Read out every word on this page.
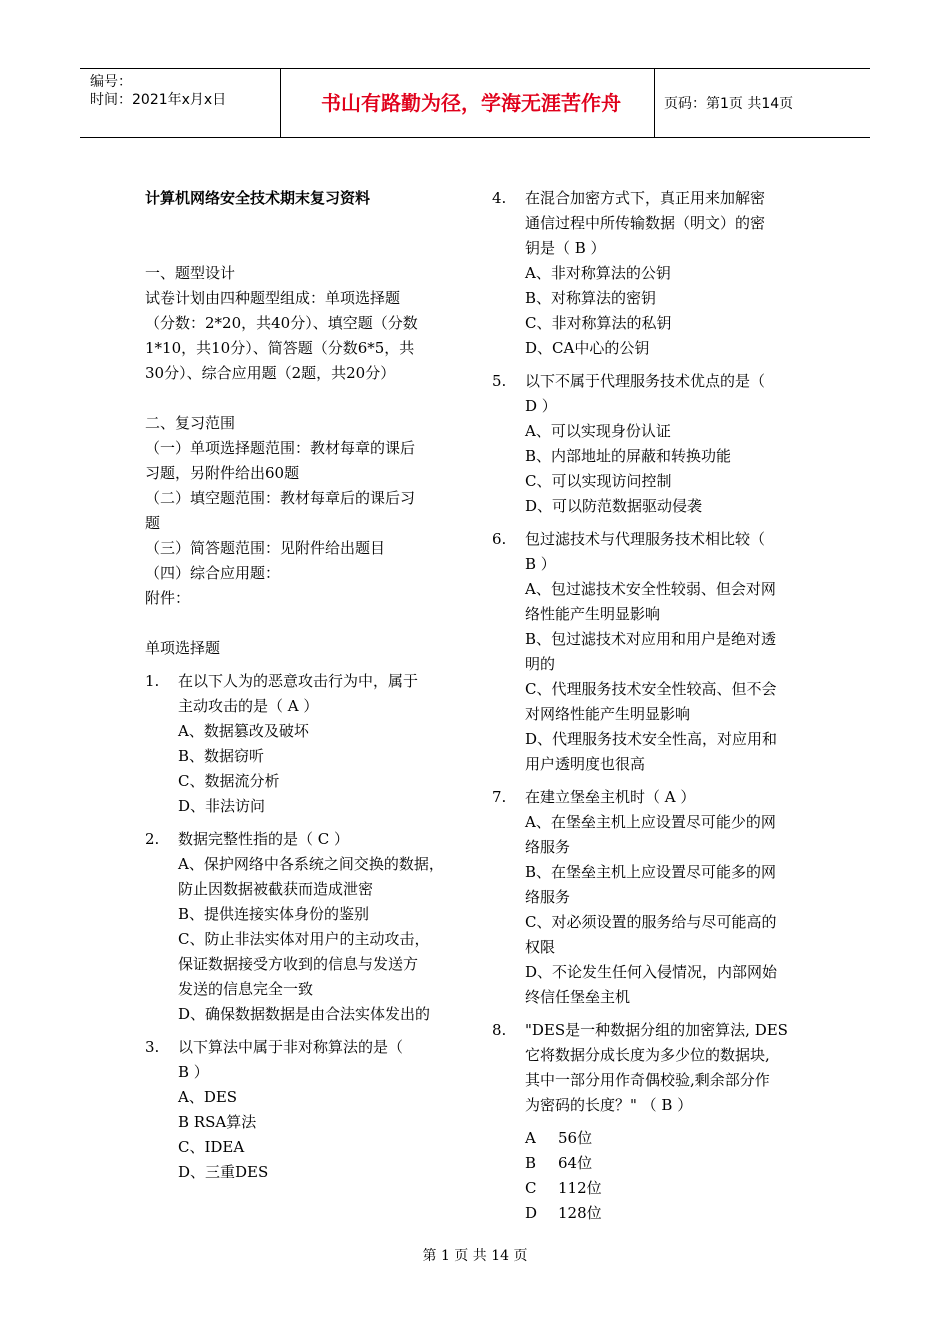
编号：
时间：2021年x月x日	书山有路勤为径，学海无涯苦作舟	页码：第1页 共14页
计算机网络安全技术期末复习资料
一、题型设计
试卷计划由四种题型组成：单项选择题
（分数：2*20，共40分）、填空题（分数
1*10，共10分）、简答题（分数6*5，共
30分）、综合应用题（2题，共20分）
二、复习范围
（一）单项选择题范围：教材每章的课后
习题，另附件给出60题
（二）填空题范围：教材每章后的课后习
题
（三）简答题范围：见附件给出题目
（四）综合应用题：
附件：
单项选择题
1. 在以下人为的恶意攻击行为中，属于
主动攻击的是（ A ）
A、数据篡改及破坏
B、数据窃听
C、数据流分析
D、非法访问
2. 数据完整性指的是（ C ）
A、保护网络中各系统之间交换的数据，
防止因数据被截获而造成泄密
B、提供连接实体身份的鉴别
C、防止非法实体对用户的主动攻击，
保证数据接受方收到的信息与发送方
发送的信息完全一致
D、确保数据数据是由合法实体发出的
3. 以下算法中属于非对称算法的是（
B ）
A、DES
B RSA算法
C、IDEA
D、三重DES
4. 在混合加密方式下，真正用来加解密
通信过程中所传输数据（明文）的密
钥是（ B ）
A、非对称算法的公钥
B、对称算法的密钥
C、非对称算法的私钥
D、CA中心的公钥
5. 以下不属于代理服务技术优点的是（
D ）
A、可以实现身份认证
B、内部地址的屏蔽和转换功能
C、可以实现访问控制
D、可以防范数据驱动侵袭
6. 包过滤技术与代理服务技术相比较（
B ）
A、包过滤技术安全性较弱、但会对网
络性能产生明显影响
B、包过滤技术对应用和用户是绝对透
明的
C、代理服务技术安全性较高、但不会
对网络性能产生明显影响
D、代理服务技术安全性高，对应用和
用户透明度也很高
7. 在建立堡垒主机时（ A ）
A、在堡垒主机上应设置尽可能少的网
络服务
B、在堡垒主机上应设置尽可能多的网
络服务
C、对必须设置的服务给与尽可能高的
权限
D、不论发生任何入侵情况，内部网始
终信任堡垒主机
8. "DES是一种数据分组的加密算法, DES
它将数据分成长度为多少位的数据块,
其中一部分用作奇偶校验,剩余部分作
为密码的长度？" （ B ）
A 56位
B 64位
C 112位
D 128位
第 1 页 共 14 页
